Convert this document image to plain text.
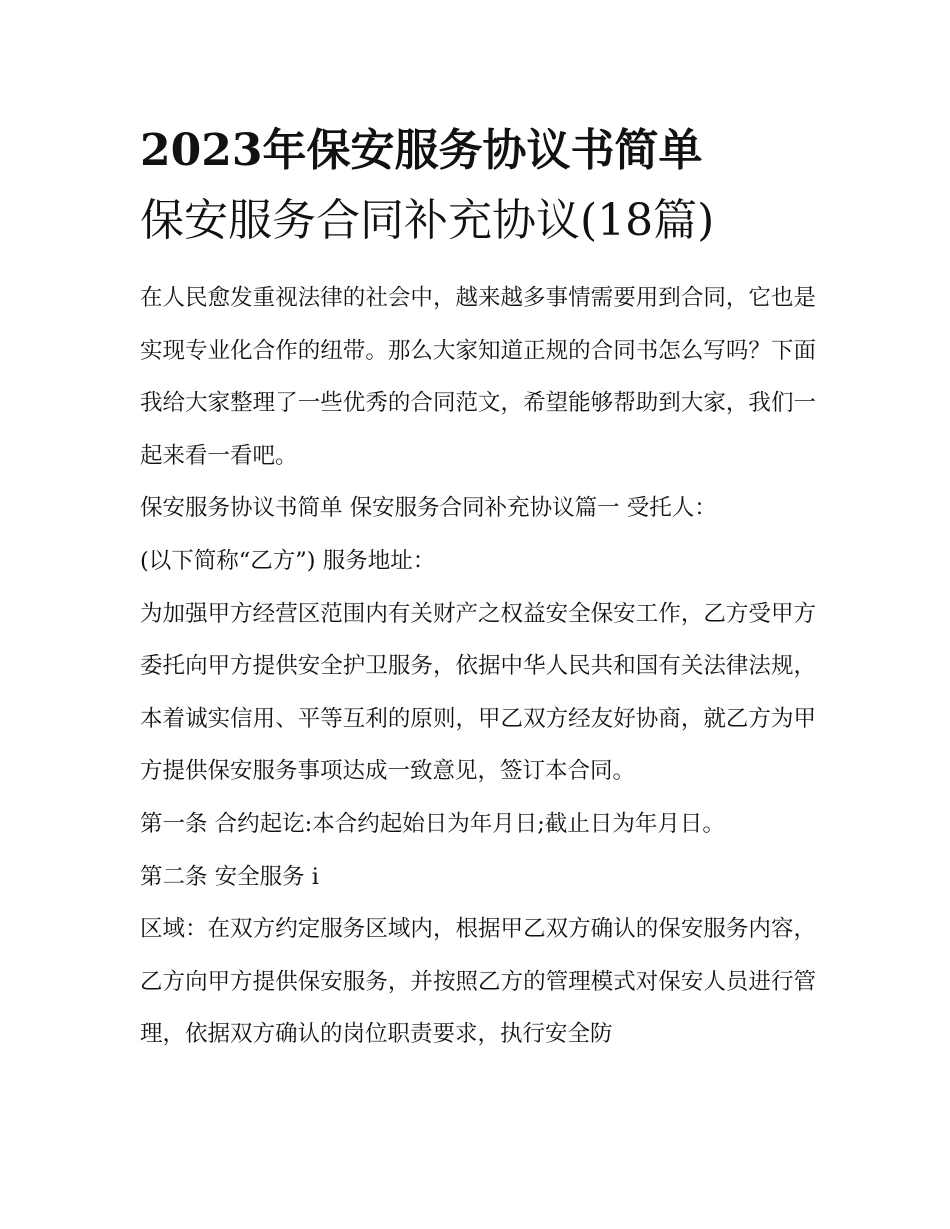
2023年保安服务协议书简单
保安服务合同补充协议(18篇)

在人民愈发重视法律的社会中，越来越多事情需要用到合同，它也是实现专业化合作的纽带。那么大家知道正规的合同书怎么写吗？下面我给大家整理了一些优秀的合同范文，希望能够帮助到大家，我们一起来看一看吧。

保安服务协议书简单 保安服务合同补充协议篇一 受托人：

(以下简称“乙方”) 服务地址：

为加强甲方经营区范围内有关财产之权益安全保安工作，乙方受甲方委托向甲方提供安全护卫服务，依据中华人民共和国有关法律法规，本着诚实信用、平等互利的原则，甲乙双方经友好协商，就乙方为甲方提供保安服务事项达成一致意见，签订本合同。

第一条 合约起讫:本合约起始日为年月日;截止日为年月日。

第二条 安全服务 i

区域：在双方约定服务区域内，根据甲乙双方确认的保安服务内容，乙方向甲方提供保安服务，并按照乙方的管理模式对保安人员进行管理，依据双方确认的岗位职责要求，执行安全防
